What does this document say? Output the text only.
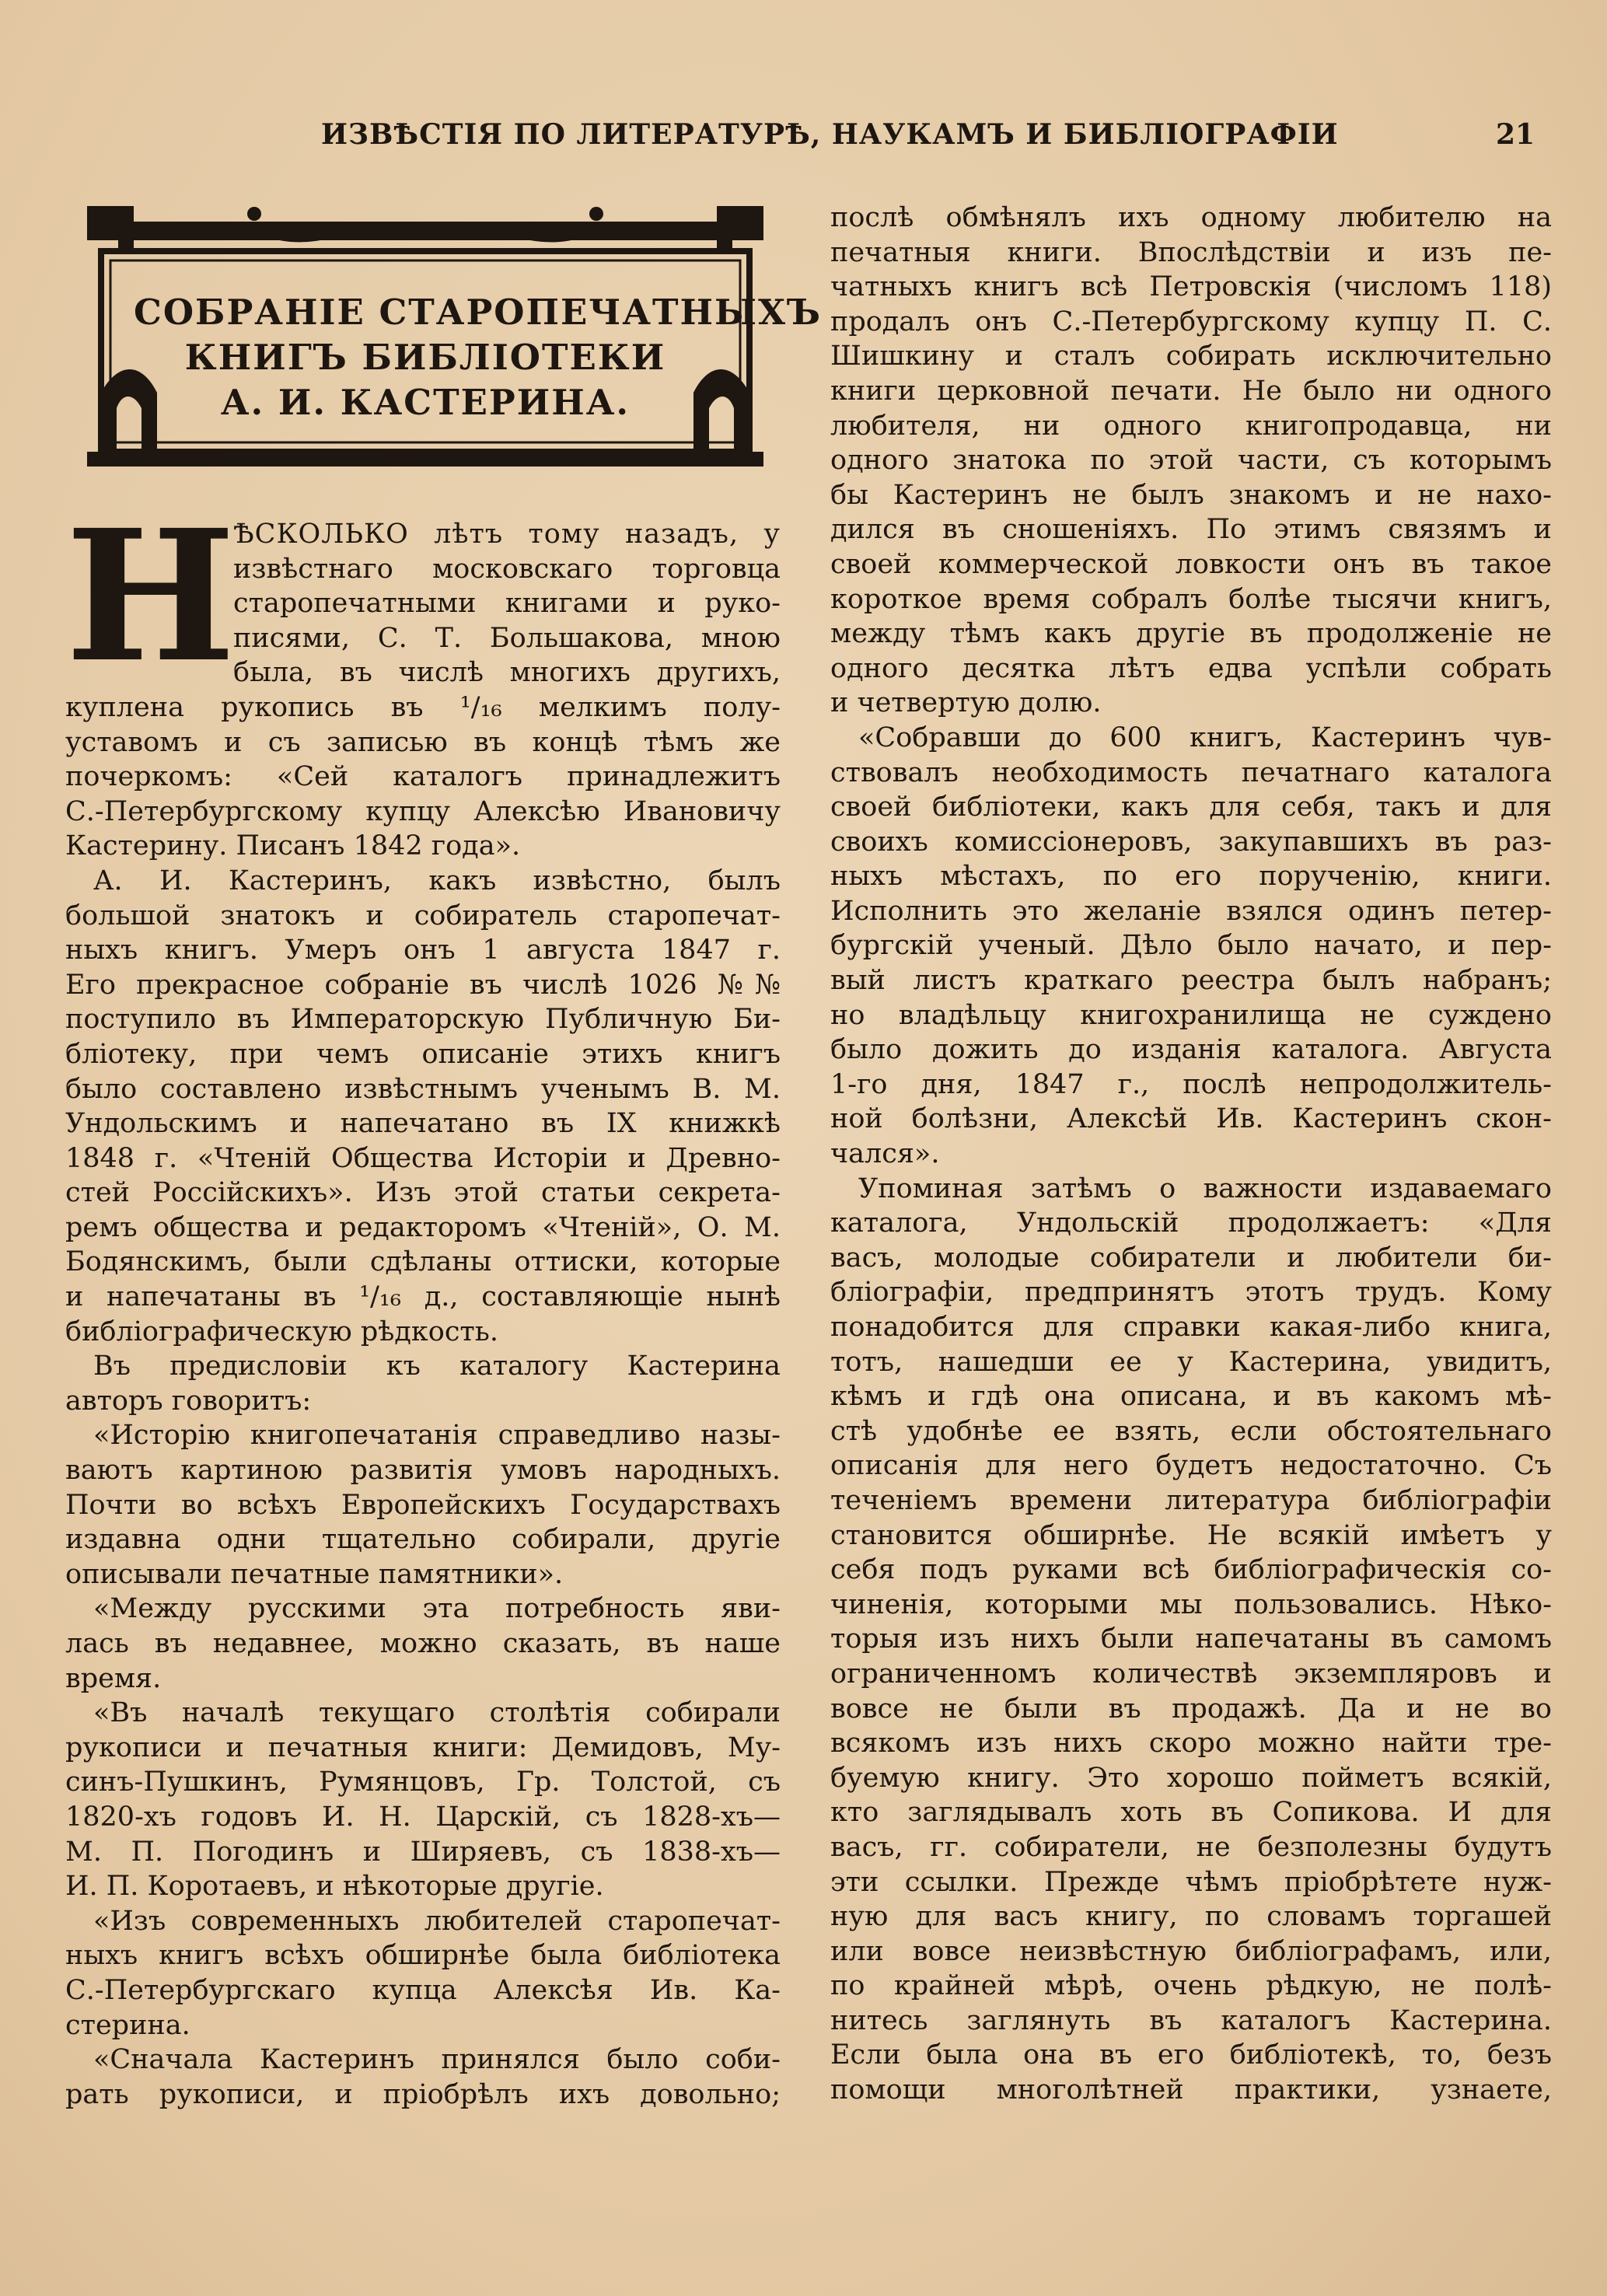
ИЗВѢСТІЯ ПО ЛИТЕРАТУРѢ, НАУКАМЪ И БИБЛІОГРАФІИ	21
СОБРАНІЕ СТАРОПЕЧАТНЫХЪ
КНИГЪ БИБЛІОТЕКИ
А. И. КАСТЕРИНА.
Н
ѢСКОЛЬКО лѣтъ тому назадъ, у
извѣстнаго московскаго торговца
старопечатными книгами и руко-
писями, С. Т. Большакова, мною
была, въ числѣ многихъ другихъ,
куплена рукопись въ ¹/₁₆ мелкимъ полу-
уставомъ и съ записью въ концѣ тѣмъ же
почеркомъ: «Сей каталогъ принадлежитъ
С.-Петербургскому купцу Алексѣю Ивановичу
Кастерину. Писанъ 1842 года».
А. И. Кастеринъ, какъ извѣстно, былъ
большой знатокъ и собиратель старопечат-
ныхъ книгъ. Умеръ онъ 1 августа 1847 г.
Его прекрасное собраніе въ числѣ 1026 №№
поступило въ Императорскую Публичную Би-
бліотеку, при чемъ описаніе этихъ книгъ
было составлено извѣстнымъ ученымъ В. М.
Ундольскимъ и напечатано въ IX книжкѣ
1848 г. «Чтеній Общества Исторіи и Древно-
стей Россійскихъ». Изъ этой статьи секрета-
ремъ общества и редакторомъ «Чтеній», О. М.
Бодянскимъ, были сдѣланы оттиски, которые
и напечатаны въ ¹/₁₆ д., составляющіе нынѣ
библіографическую рѣдкость.
Въ предисловіи къ каталогу Кастерина
авторъ говоритъ:
«Исторію книгопечатанія справедливо назы-
ваютъ картиною развитія умовъ народныхъ.
Почти во всѣхъ Европейскихъ Государствахъ
издавна одни тщательно собирали, другіе
описывали печатные памятники».
«Между русскими эта потребность яви-
лась въ недавнее, можно сказать, въ наше
время.
«Въ началѣ текущаго столѣтія собирали
рукописи и печатныя книги: Демидовъ, Му-
синъ-Пушкинъ, Румянцовъ, Гр. Толстой, съ
1820-хъ годовъ И. Н. Царскій, съ 1828-хъ—
М. П. Погодинъ и Ширяевъ, съ 1838-хъ—
И. П. Коротаевъ, и нѣкоторые другіе.
«Изъ современныхъ любителей старопечат-
ныхъ книгъ всѣхъ обширнѣе была библіотека
С.-Петербургскаго купца Алексѣя Ив. Ка-
стерина.
«Сначала Кастеринъ принялся было соби-
рать рукописи, и пріобрѣлъ ихъ довольно;
послѣ обмѣнялъ ихъ одному любителю на
печатныя книги. Впослѣдствіи и изъ пе-
чатныхъ книгъ всѣ Петровскія (числомъ 118)
продалъ онъ С.-Петербургскому купцу П. С.
Шишкину и сталъ собирать исключительно
книги церковной печати. Не было ни одного
любителя, ни одного книгопродавца, ни
одного знатока по этой части, съ которымъ
бы Кастеринъ не былъ знакомъ и не нахо-
дился въ сношеніяхъ. По этимъ связямъ и
своей коммерческой ловкости онъ въ такое
короткое время собралъ болѣе тысячи книгъ,
между тѣмъ какъ другіе въ продолженіе не
одного десятка лѣтъ едва успѣли собрать
и четвертую долю.
«Собравши до 600 книгъ, Кастеринъ чув-
ствовалъ необходимость печатнаго каталога
своей библіотеки, какъ для себя, такъ и для
своихъ комиссіонеровъ, закупавшихъ въ раз-
ныхъ мѣстахъ, по его порученію, книги.
Исполнить это желаніе взялся одинъ петер-
бургскій ученый. Дѣло было начато, и пер-
вый листъ краткаго реестра былъ набранъ;
но владѣльцу книгохранилища не суждено
было дожить до изданія каталога. Августа
1-го дня, 1847 г., послѣ непродолжитель-
ной болѣзни, Алексѣй Ив. Кастеринъ скон-
чался».
Упоминая затѣмъ о важности издаваемаго
каталога, Ундольскій продолжаетъ: «Для
васъ, молодые собиратели и любители би-
бліографіи, предпринятъ этотъ трудъ. Кому
понадобится для справки какая-либо книга,
тотъ, нашедши ее у Кастерина, увидитъ,
кѣмъ и гдѣ она описана, и въ какомъ мѣ-
стѣ удобнѣе ее взять, если обстоятельнаго
описанія для него будетъ недостаточно. Съ
теченіемъ времени литература библіографіи
становится обширнѣе. Не всякій имѣетъ у
себя подъ руками всѣ библіографическія со-
чиненія, которыми мы пользовались. Нѣко-
торыя изъ нихъ были напечатаны въ самомъ
ограниченномъ количествѣ экземпляровъ и
вовсе не были въ продажѣ. Да и не во
всякомъ изъ нихъ скоро можно найти тре-
буемую книгу. Это хорошо пойметъ всякій,
кто заглядывалъ хоть въ Сопикова. И для
васъ, гг. собиратели, не безполезны будутъ
эти ссылки. Прежде чѣмъ пріобрѣтете нуж-
ную для васъ книгу, по словамъ торгашей
или вовсе неизвѣстную библіографамъ, или,
по крайней мѣрѣ, очень рѣдкую, не полѣ-
нитесь заглянуть въ каталогъ Кастерина.
Если была она въ его библіотекѣ, то, безъ
помощи многолѣтней практики, узнаете,
